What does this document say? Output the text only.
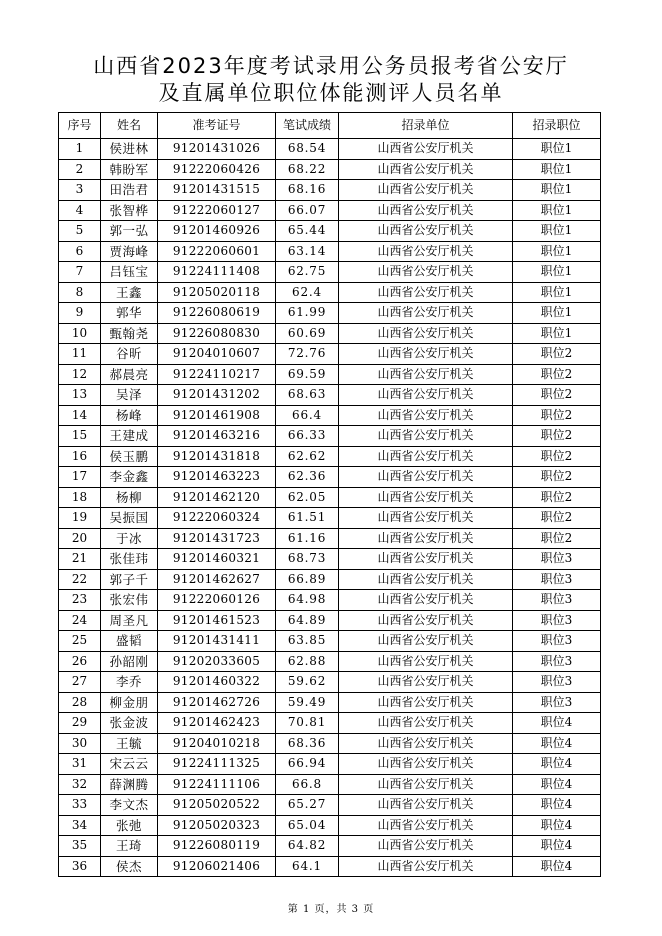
山西省2023年度考试录用公务员报考省公安厅
及直属单位职位体能测评人员名单
序号	姓名	准考证号	笔试成绩	招录单位	招录职位
1	侯进林	91201431026	68.54	山西省公安厅机关	职位1
2	韩盼军	91222060426	68.22	山西省公安厅机关	职位1
3	田浩君	91201431515	68.16	山西省公安厅机关	职位1
4	张智桦	91222060127	66.07	山西省公安厅机关	职位1
5	郭一弘	91201460926	65.44	山西省公安厅机关	职位1
6	贾海峰	91222060601	63.14	山西省公安厅机关	职位1
7	吕钰宝	91224111408	62.75	山西省公安厅机关	职位1
8	王鑫	91205020118	62.4	山西省公安厅机关	职位1
9	郭华	91226080619	61.99	山西省公安厅机关	职位1
10	甄翰尧	91226080830	60.69	山西省公安厅机关	职位1
11	谷昕	91204010607	72.76	山西省公安厅机关	职位2
12	郝晨亮	91224110217	69.59	山西省公安厅机关	职位2
13	吴泽	91201431202	68.63	山西省公安厅机关	职位2
14	杨峰	91201461908	66.4	山西省公安厅机关	职位2
15	王建成	91201463216	66.33	山西省公安厅机关	职位2
16	侯玉鹏	91201431818	62.62	山西省公安厅机关	职位2
17	李金鑫	91201463223	62.36	山西省公安厅机关	职位2
18	杨柳	91201462120	62.05	山西省公安厅机关	职位2
19	吴振国	91222060324	61.51	山西省公安厅机关	职位2
20	于冰	91201431723	61.16	山西省公安厅机关	职位2
21	张佳玮	91201460321	68.73	山西省公安厅机关	职位3
22	郭子千	91201462627	66.89	山西省公安厅机关	职位3
23	张宏伟	91222060126	64.98	山西省公安厅机关	职位3
24	周圣凡	91201461523	64.89	山西省公安厅机关	职位3
25	盛韬	91201431411	63.85	山西省公安厅机关	职位3
26	孙韶刚	91202033605	62.88	山西省公安厅机关	职位3
27	李乔	91201460322	59.62	山西省公安厅机关	职位3
28	柳金朋	91201462726	59.49	山西省公安厅机关	职位3
29	张金波	91201462423	70.81	山西省公安厅机关	职位4
30	王毓	91204010218	68.36	山西省公安厅机关	职位4
31	宋云云	91224111325	66.94	山西省公安厅机关	职位4
32	薛渊腾	91224111106	66.8	山西省公安厅机关	职位4
33	李文杰	91205020522	65.27	山西省公安厅机关	职位4
34	张弛	91205020323	65.04	山西省公安厅机关	职位4
35	王琦	91226080119	64.82	山西省公安厅机关	职位4
36	侯杰	91206021406	64.1	山西省公安厅机关	职位4
第 1 页，共 3 页
